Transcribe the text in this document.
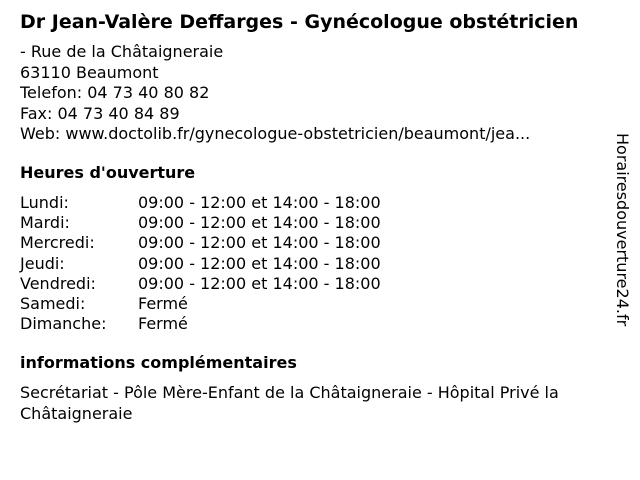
Dr Jean-Valère Deffarges - Gynécologue obstétricien
- Rue de la Châtaigneraie
63110 Beaumont
Telefon: 04 73 40 80 82
Fax: 04 73 40 84 89
Web: www.doctolib.fr/gynecologue-obstetricien/beaumont/jea...
Heures d'ouverture
Lundi:	09:00 - 12:00 et 14:00 - 18:00
Mardi:	09:00 - 12:00 et 14:00 - 18:00
Mercredi:	09:00 - 12:00 et 14:00 - 18:00
Jeudi:	09:00 - 12:00 et 14:00 - 18:00
Vendredi:	09:00 - 12:00 et 14:00 - 18:00
Samedi:	Fermé
Dimanche:	Fermé
informations complémentaires
Secrétariat - Pôle Mère-Enfant de la Châtaigneraie - Hôpital Privé la Châtaigneraie
Horairesdouverture24.fr
